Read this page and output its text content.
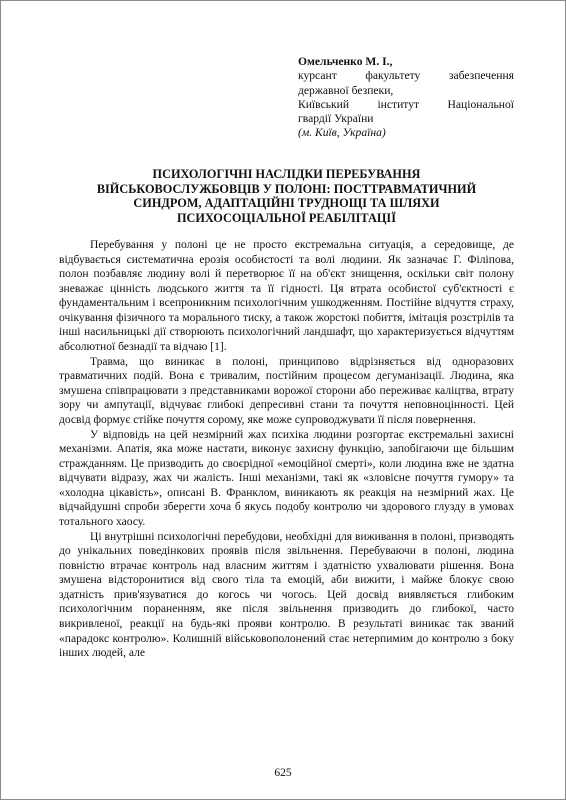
Омельченко М. І.,
курсант факультету забезпечення
державної безпеки,
Київський інститут Національної
гвардії України
(м. Київ, Україна)
ПСИХОЛОГІЧНІ НАСЛІДКИ ПЕРЕБУВАННЯ
ВІЙСЬКОВОСЛУЖБОВЦІВ У ПОЛОНІ: ПОСТТРАВМАТИЧНИЙ
СИНДРОМ, АДАПТАЦІЙНІ ТРУДНОЩІ ТА ШЛЯХИ
ПСИХОСОЦІАЛЬНОЇ РЕАБІЛІТАЦІЇ

Перебування у полоні це не просто екстремальна ситуація, а середовище, де відбувається систематична ерозія особистості та волі людини. Як зазначає Г. Філіпова, полон позбавляє людину волі й перетворює її на об'єкт знищення, оскільки світ полону зневажає цінність людського життя та її гідності. Ця втрата особистої суб'єктності є фундаментальним і всепроникним психологічним ушкодженням. Постійне відчуття страху, очікування фізичного та морального тиску, а також жорстокі побиття, імітація розстрілів та інші насильницькі дії створюють психологічний ландшафт, що характеризується відчуттям абсолютної безнадії та відчаю [1].

Травма, що виникає в полоні, принципово відрізняється від одноразових травматичних подій. Вона є тривалим, постійним процесом дегуманізації. Людина, яка змушена співпрацювати з представниками ворожої сторони або переживає каліцтва, втрату зору чи ампутації, відчуває глибокі депресивні стани та почуття неповноцінності. Цей досвід формує стійке почуття сорому, яке може супроводжувати її після повернення.

У відповідь на цей незмірний жах психіка людини розгортає екстремальні захисні механізми. Апатія, яка може настати, виконує захисну функцію, запобігаючи ще більшим стражданням. Це призводить до своєрідної «емоційної смерті», коли людина вже не здатна відчувати відразу, жах чи жалість. Інші механізми, такі як «зловісне почуття гумору» та «холодна цікавість», описані В. Франклом, виникають як реакція на незмірний жах. Це відчайдушні спроби зберегти хоча б якусь подобу контролю чи здорового глузду в умовах тотального хаосу.

Ці внутрішні психологічні перебудови, необхідні для виживання в полоні, призводять до унікальних поведінкових проявів після звільнення. Перебуваючи в полоні, людина повністю втрачає контроль над власним життям і здатністю ухвалювати рішення. Вона змушена відсторонитися від свого тіла та емоцій, аби вижити, і майже блокує свою здатність прив'язуватися до когось чи чогось. Цей досвід виявляється глибоким психологічним пораненням, яке після звільнення призводить до глибокої, часто викривленої, реакції на будь-які прояви контролю. В результаті виникає так званий «парадокс контролю». Колишній військовополонений стає нетерпимим до контролю з боку інших людей, але

625
